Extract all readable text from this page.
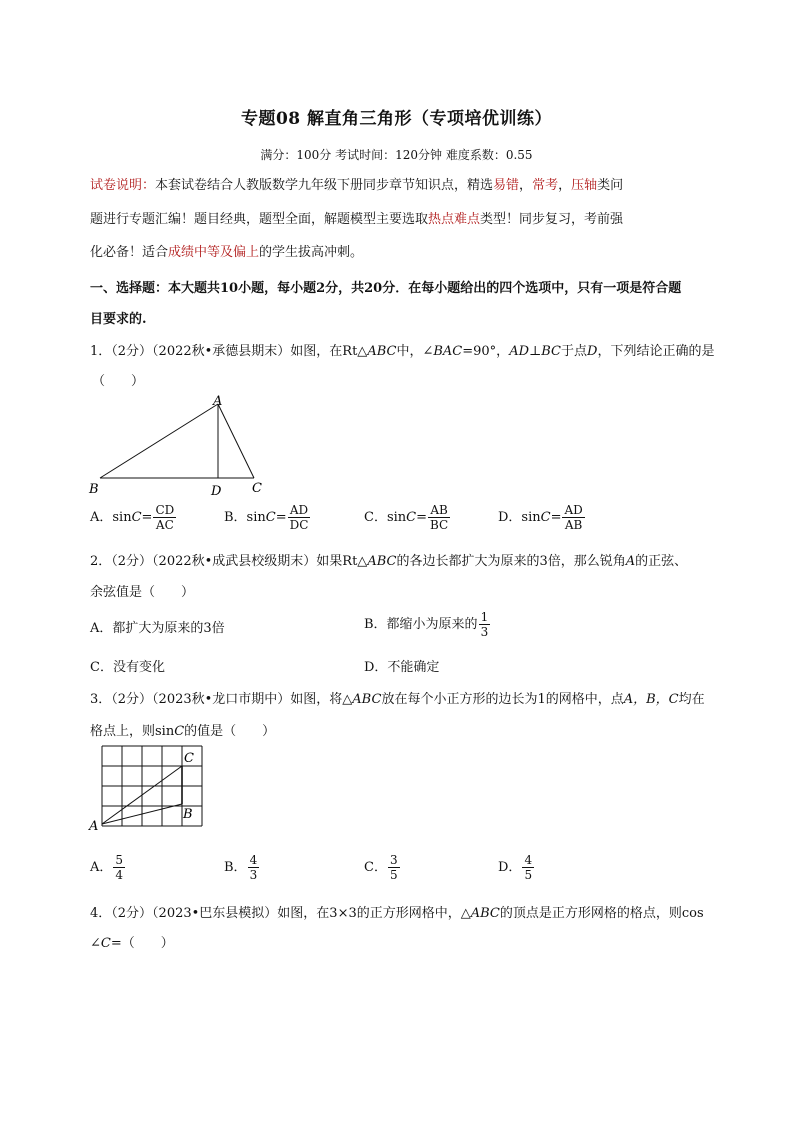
专题08 解直角三角形（专项培优训练）
满分：100分 考试时间：120分钟 难度系数：0.55
试卷说明：本套试卷结合人教版数学九年级下册同步章节知识点，精选易错，常考，压轴类问
题进行专题汇编！题目经典，题型全面，解题模型主要选取热点难点类型！同步复习，考前强
化必备！适合成绩中等及偏上的学生拔高冲刺。
一、选择题：本大题共10小题，每小题2分，共20分．在每小题给出的四个选项中，只有一项是符合题
目要求的.
1．（2分）（2022秋•承德县期末）如图，在Rt△ABC中，∠BAC=90°，AD⊥BC于点D，下列结论正确的是
（　　）
A
B	D C
A．$\sin C= \frac{CD}{AC}$	B．$\sin C= \frac{AD}{DC}$	C．$\sin C= \frac{AB}{BC}$	D．$\sin C= \frac{AD}{AB}$
2．（2分）（2022秋•成武县校级期末）如果Rt△ABC的各边长都扩大为原来的3倍，那么锐角A的正弦、
余弦值是（　　）
A．都扩大为原来的3倍	B．都缩小为原来的 $\frac{1}{3}$
C．没有变化	D．不能确定
3．（2分）（2023秋•龙口市期中）如图，将△ABC放在每个小正方形的边长为1的网格中，点A，B，C均在
格点上，则sinC的值是（　　）
A
B
C
A． $\frac{5}{4}$	B． $\frac{4}{3}$	C． $\frac{3}{5}$	D． $\frac{4}{5}$
4．（2分）（2023•巴东县模拟）如图，在3×3的正方形网格中，△ABC的顶点是正方形网格的格点，则cos
∠C=（　　）
